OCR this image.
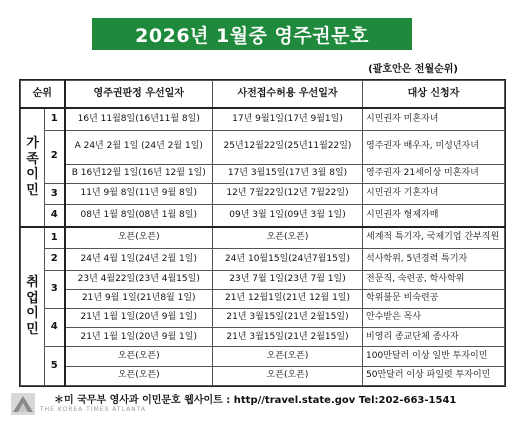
2026년 1월중 영주권문호
(괄호안은 전월순위)
순위		영주권판정 우선일자	사전접수허용 우선일자	대상 신청자

가
족
이
민	1	16년 11월8일(16년11월 8일)	17년 9월1일(17년 9월1일)	시민권자 미혼자녀
	2	A 24년 2월 1일 (24년 2월 1일)	25년12월22일(25년11월22일)	영주권자 배우자, 미성년자녀
		B 16년12월 1일(16년 12월 1일)	17년 3월15일(17년 3월 8일)	영주권자 21세이상 미혼자녀
	3	11년 9월 8일(11년 9월 8일)	12년 7월22일(12년 7월22일)	시민권자 기혼자녀
	4	08년 1월 8일(08년 1월 8일)	09년 3월 1일(09년 3월 1일)	시민권자 형제자매

취
업
이
민	1	오픈(오픈)	오픈(오픈)	세계적 특기자, 국제기업 간부직원
	2	24년 4월 1일(24년 2월 1일)	24년 10월15일(24년7월15일)	석사학위, 5년경력 특기자
	3	23년 4월22일(23년 4월15일)	23년 7월 1일(23년 7월 1일)	전문직, 숙련공, 학사학위
		21년 9월 1일(21년8월 1일)	21년 12월1일(21년 12월 1일)	학위불문 비숙련공
	4	21년 1월 1일(20년 9월 1일)	21년 3월15일(21년 2월15일)	안수받은 목사
		21년 1월 1일(20년 9월 1일)	21년 3월15일(21년 2월15일)	비영리 종교단체 종사자
	5	오픈(오픈)	오픈(오픈)	100만달러 이상 일반 투자이민
		오픈(오픈)	오픈(오픈)	50만달러 이상 파일럿 투자이민
THE KOREA TIMES ATLANTA
＊미 국무부 영사과 이민문호 웹사이트 : http//travel.state.gov Tel:202-663-1541
